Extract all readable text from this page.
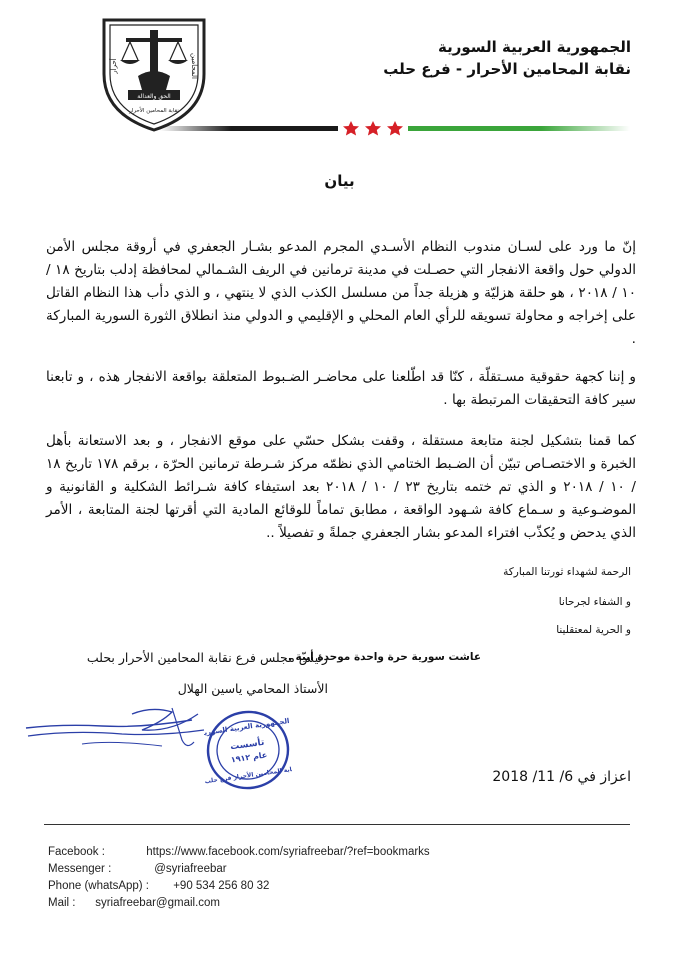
الحق والعدالة
أحرار	المحامين
نقابة المحامين الأحرار
الجمهورية العربية السورية
نقابة المحامين الأحرار - فرع حلب
بيان
إنّ ما ورد على لسـان مندوب النظام الأسـدي المجرم المدعو بشـار الجعفري في أروقة مجلس الأمن الدولي حول واقعة الانفجار التي حصـلت في مدينة ترمانين في الريف الشـمالي لمحافظة إدلب بتاريخ ١٨ / ١٠ / ٢٠١٨ ، هو حلقة هزليّة و هزيلة جداً من مسلسل الكذب الذي لا ينتهي ، و الذي دأب هذا النظام القاتل على إخراجه و محاولة تسويقه للرأي العام المحلي و الإقليمي و الدولي منذ انطلاق الثورة السورية المباركة .
و إننا كجهة حقوقية مسـتقلّة ، كنّا قد اطّلعنا على محاضـر الضـبوط المتعلقة بواقعة الانفجار هذه ، و تابعنا سير كافة التحقيقات المرتبطة بها .
كما قمنا بتشكيل لجنة متابعة مستقلة ، وقفت بشكل حسّي على موقع الانفجار ، و بعد الاستعانة بأهل الخبرة و الاختصـاص تبيّن أن الضـبط الختامي الذي نظمّه مركز شـرطة ترمانين الحرّة ، برقم ١٧٨ تاريخ ١٨ / ١٠ / ٢٠١٨ و الذي تم ختمه بتاريخ ٢٣ / ١٠ / ٢٠١٨ بعد استيفاء كافة شـرائط الشكلية و القانونية و الموضـوعية و سـماع كافة شـهود الواقعة ، مطابق تماماً للوقائع المادية التي أقرتها لجنة المتابعة ، الأمر الذي يدحض و يُكذّب افتراء المدعو بشار الجعفري جملةً و تفصيلاً ..
الرحمة لشهداء ثورتنا المباركة
و الشفاء لجرحانا
و الحرية لمعتقلينا
عاشت سورية حرة واحدة موحدة أبيّة .
رئيس مجلس فرع نقابة المحامين الأحرار بحلب
الأستاذ المحامي ياسين الهلال
الجمهورية العربية السورية
تأسست
عام ١٩١٢
نقابة المحامين الأحرار فرع حلب	اعزاز في 6/ 11/ 2018
Facebook :	https://www.facebook.com/syriafreebar/?ref=bookmarks
Messenger :	@syriafreebar
Phone (whatsApp) : +90 534 256 80 32
Mail : syriafreebar@gmail.com
